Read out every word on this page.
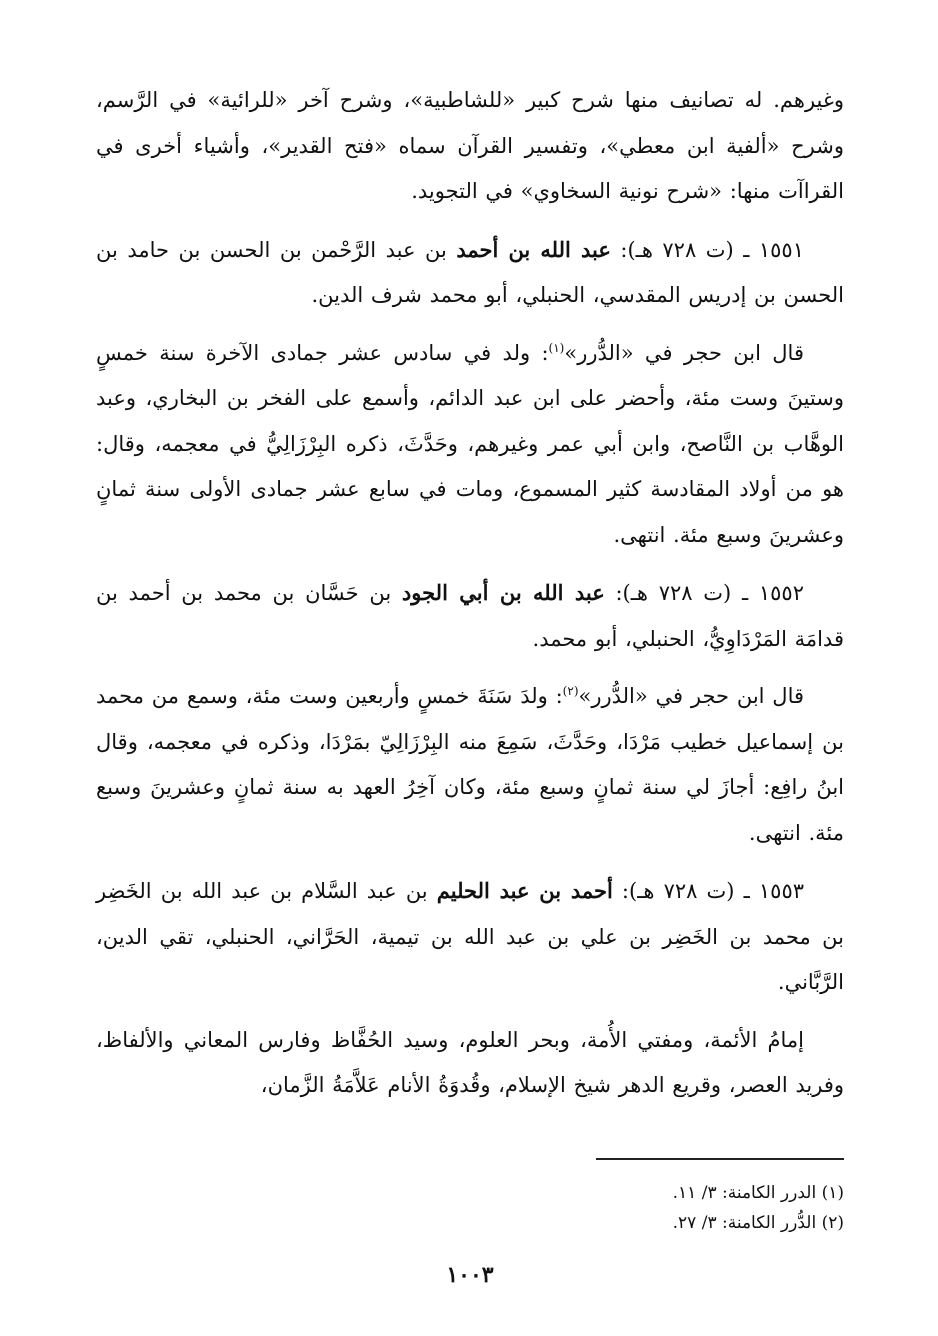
وغيرهم. له تصانيف منها شرح كبير «للشاطبية»، وشرح آخر «للرائية» في الرَّسم، وشرح «ألفية ابن معطي»، وتفسير القرآن سماه «فتح القدير»، وأشياء أخرى في القراآت منها: «شرح نونية السخاوي» في التجويد.

١٥٥١ ـ (ت ٧٢٨ هـ): عبد الله بن أحمد بن عبد الرَّحْمن بن الحسن بن حامد بن الحسن بن إدريس المقدسي، الحنبلي، أبو محمد شرف الدين.

قال ابن حجر في «الدُّرر»$^{(١)}$: ولد في سادس عشر جمادى الآخرة سنة خمسٍ وستينَ وست مئة، وأحضر على ابن عبد الدائم، وأسمع على الفخر بن البخاري، وعبد الوهَّاب بن النَّاصح، وابن أبي عمر وغيرهم، وحَدَّثَ، ذكره البِرْزَالِيُّ في معجمه، وقال: هو من أولاد المقادسة كثير المسموع، ومات في سابع عشر جمادى الأولى سنة ثمانٍ وعشرينَ وسبع مئة. انتهى.

١٥٥٢ ـ (ت ٧٢٨ هـ): عبد الله بن أبي الجود بن حَسَّان بن محمد بن أحمد بن قدامَة المَرْدَاوِيُّ، الحنبلي، أبو محمد.

قال ابن حجر في «الدُّرر»$^{(٢)}$: ولدَ سَنَةَ خمسٍ وأربعين وست مئة، وسمع من محمد بن إسماعيل خطيب مَرْدَا، وحَدَّثَ، سَمِعَ منه البِرْزَالِيّ بمَرْدَا، وذكره في معجمه، وقال ابنُ رافِع: أجازَ لي سنة ثمانٍ وسبع مئة، وكان آخِرُ العهد به سنة ثمانٍ وعشرينَ وسبع مئة. انتهى.

١٥٥٣ ـ (ت ٧٢٨ هـ): أحمد بن عبد الحليم بن عبد السَّلام بن عبد الله بن الخَضِر بن محمد بن الخَضِر بن علي بن عبد الله بن تيمية، الحَرَّاني، الحنبلي، تقي الدين، الرَّبَّاني.

إمامُ الأئمة، ومفتي الأُمة، وبحر العلوم، وسيد الحُفَّاظ وفارس المعاني والألفاظ، وفريد العصر، وقريع الدهر شيخ الإسلام، وقُدوَةُ الأنام عَلاَّمَةُ الزَّمان،

(١) الدرر الكامنة: ٣/ ١١.
(٢) الدُّرر الكامنة: ٣/ ٢٧.
١٠٠٣
